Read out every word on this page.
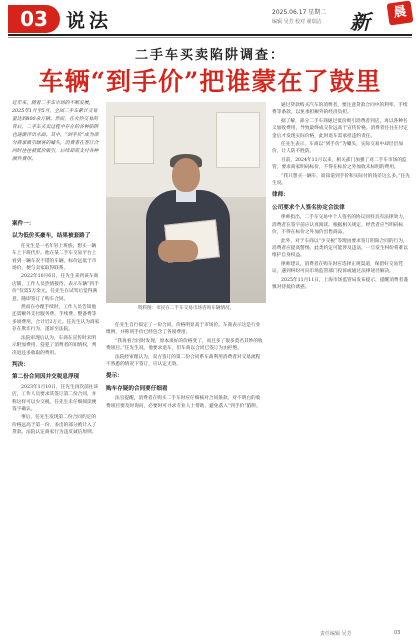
03 说法	2025.06.17 星期二
编辑 吴芳 校对 翟瑞洁 新	晨
二手车买卖陷阱调查：
车辆“到手价”把谁蒙在了鼓里
近年来，随着二手车市场的不断发展，2025年1月至5月，全国二手车累计交易量达到800余万辆。然而，在火热交易的背后，二手车买卖过程中存在的各种陷阱也逐渐浮出水面。其中，“到手价”成为部分商家吸引顾客的噱头，消费者在签订合同时往往被低价吸引，后续却需支付各种额外费用。
资料图：市民在二手车交易市场咨询车辆情况。
案件一：
以为低价买豪车，结果被套路了
任先生是一名年轻上班族，想买一辆车上下班代步。他在某二手车交易平台上看到一辆车况不错的车辆，标价远低于市场价，便与卖家取得联系。
2022年10月6日，任先生来到该车商店铺，工作人员热情接待，表示车辆“到手价”仅需5万余元。任先生在试驾后觉得满意，随即签订了购车合同。
然而在办理手续时，工作人员告知他还需额外支付服务费、手续费、整备费等多项费用，合计近2万元。任先生认为商家存在欺诈行为，遂诉至法院。
法院审理后认为，车商在宣传时未明示附加费用，侵犯了消费者的知情权，判决退还多收取的费用。
判决：
第二份合同因并交税息浮现
2023年1月10日，任先生再次前往该店，工作人员要求其签订第二份合同，并称这样可以少交税。任先生未仔细阅读便签字确认。
事后，任先生发现第二份合同约定的价格远高于第一份，多出的部分被计入了贷款。法院认定商家行为违反诚信原则。
任先生自行拟定了一份合同，价格明显高于市场价。车商表示这是行业惯例，并称到手价已经包含了各项费用。
“我再看合同时发现，原本谈好的价格变了，而且多了很多莫名其妙的收费项目。”任先生说。他要求退车，但车商以合同已签订为由拒绝。
法院经审理认为，双方签订的第二份合同系车商利用消费者对交易流程不熟悉的情况下签订，应认定无效。
提示：
购车存疑的合同要仔细看
法官提醒，消费者在购买二手车时应仔细核对合同条款，对不明白的收费项目要及时询问，必要时可寻求专业人士帮助，避免落入“到手价”陷阱。
通过贷款购买汽车的消费者，要注意贷款合同中的利率、手续费等条款，以免承担额外的经济负担。
据了解，部分二手车商通过低价吸引消费者到店，再以各种名义加收费用，导致最终成交价远高于宣传价格。消费者往往在付定金后才发现实际价格，此时退车需承担违约责任。
任先生表示，车商以“到手价”为噱头，实际交易中却层层加价，让人防不胜防。
目前，2024年11月以来，相关部门加强了对二手车市场的监管，要求商家明码标价，不得在标价之外加收未标明的费用。
“我只想买一辆车，谁知道到手价和实际付的钱差这么多。”任先生说。
律师：
公司要求个人签名协定合法律
律师指出，二手车交易中个人签名的协议同样具有法律效力，消费者在签字前应认真阅读。根据相关规定，经营者应当明码标价，不得在标价之外加价出售商品。
此外，对于车商以“少交税”等理由要求签订阴阳合同的行为，消费者应提高警惕，此类约定可能涉及违法，一旦发生纠纷将难以维护自身权益。
律师建议，消费者在购车时应选择正规渠道，保留好交易凭证，遇到纠纷可向市场监管部门投诉或通过法律途径解决。
2025年11月11日，上海市场监管局发布提示，提醒消费者谨慎对待低价诱惑。
责任编辑 吴芳	03
